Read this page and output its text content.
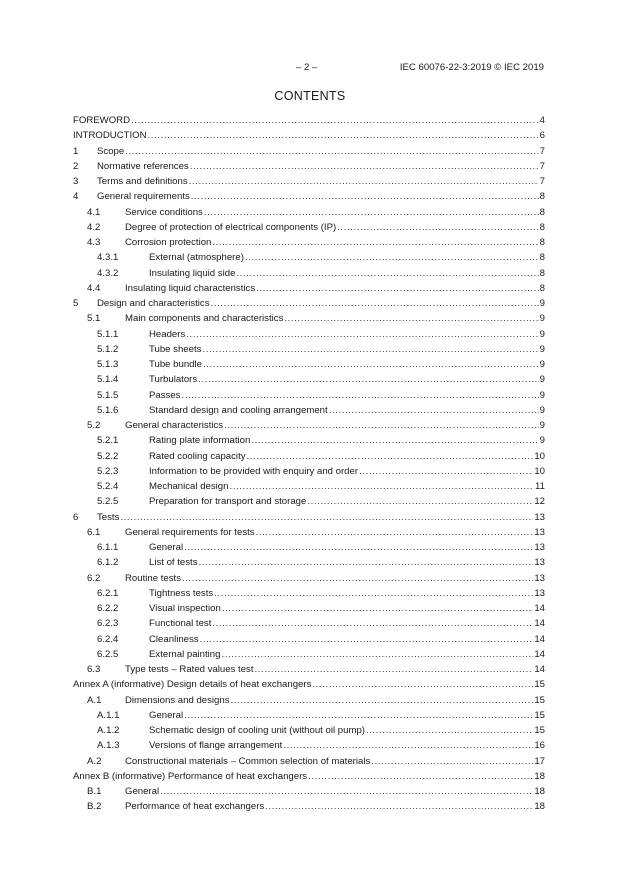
– 2 –	IEC 60076-22-3:2019 © IEC 2019
CONTENTS
FOREWORD .....	4
INTRODUCTION .....	6
1 Scope .....	7
2 Normative references .....	7
3 Terms and definitions .....	7
4 General requirements .....	8
4.1	Service conditions .....	8
4.2	Degree of protection of electrical components (IP) .....	8
4.3	Corrosion protection .....	8
4.3.1	External (atmosphere) .....	8
4.3.2	Insulating liquid side .....	8
4.4	Insulating liquid characteristics .....	8
5 Design and characteristics .....	9
5.1	Main components and characteristics .....	9
5.1.1	Headers .....	9
5.1.2	Tube sheets .....	9
5.1.3	Tube bundle .....	9
5.1.4	Turbulators .....	9
5.1.5	Passes .....	9
5.1.6	Standard design and cooling arrangement .....	9
5.2	General characteristics .....	9
5.2.1	Rating plate information .....	9
5.2.2	Rated cooling capacity .....	10
5.2.3	Information to be provided with enquiry and order .....	10
5.2.4	Mechanical design .....	11
5.2.5	Preparation for transport and storage .....	12
6 Tests .....	13
6.1	General requirements for tests .....	13
6.1.1	General .....	13
6.1.2	List of tests .....	13
6.2	Routine tests .....	13
6.2.1	Tightness tests .....	13
6.2.2	Visual inspection .....	14
6.2.3	Functional test .....	14
6.2.4	Cleanliness .....	14
6.2.5	External painting .....	14
6.3	Type tests – Rated values test .....	14
Annex A (informative) Design details of heat exchangers .....	15
A.1 Dimensions and designs .....	15
A.1.1	General .....	15
A.1.2	Schematic design of cooling unit (without oil pump) .....	15
A.1.3	Versions of flange arrangement .....	16
A.2 Constructional materials – Common selection of materials .....	17
Annex B (informative) Performance of heat exchangers .....	18
B.1 General .....	18
B.2 Performance of heat exchangers .....	18
